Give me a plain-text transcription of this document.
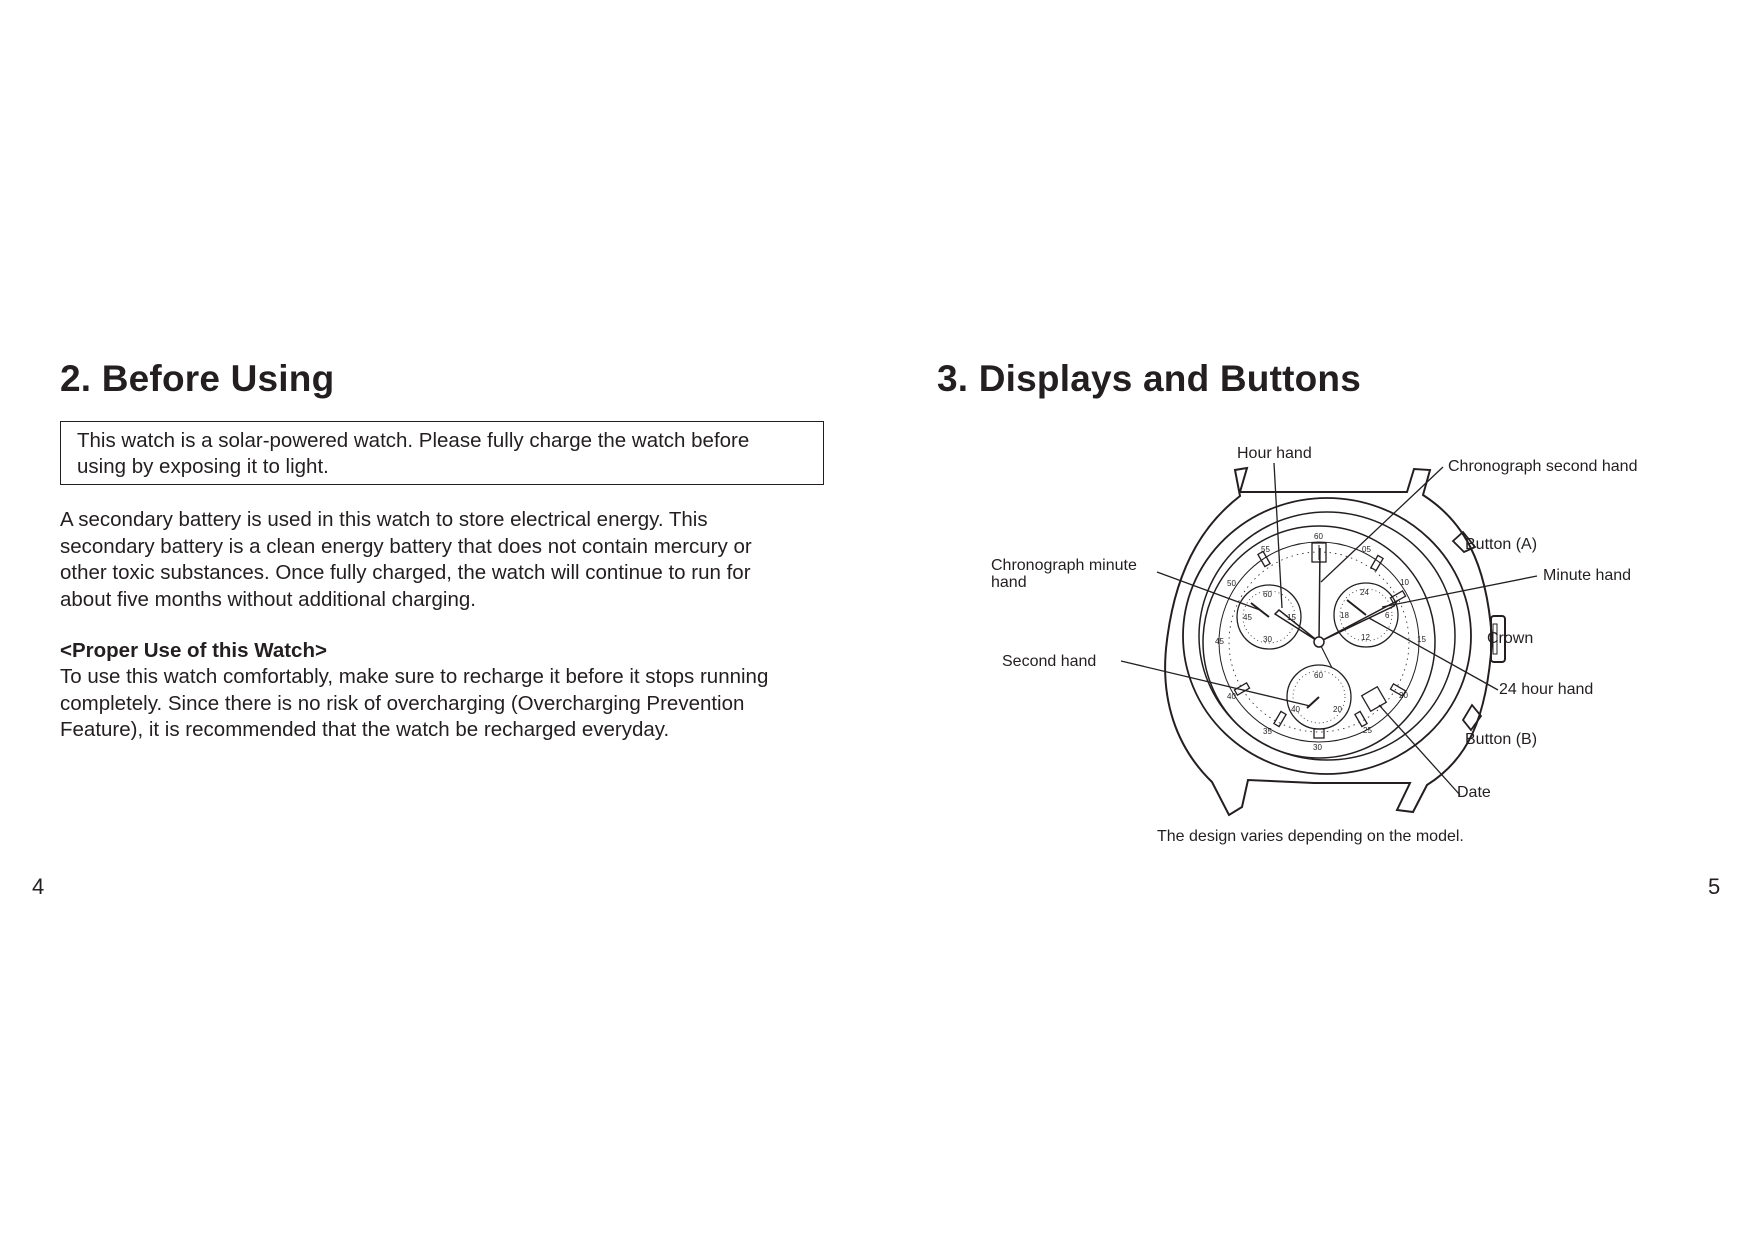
2. Before Using
This watch is a solar-powered watch. Please fully charge the watch before
using by exposing it to light.
A secondary battery is used in this watch to store electrical energy. This
secondary battery is a clean energy battery that does not contain mercury or
other toxic substances. Once fully charged, the watch will continue to run for
about five months without additional charging.
<Proper Use of this Watch>
To use this watch comfortably, make sure to recharge it before it stops running
completely. Since there is no risk of overcharging (Overcharging Prevention
Feature), it is recommended that the watch be recharged everyday.
4
3. Displays and Buttons
60
05
10
15
20
25
30
35
40
45
50
55
60
15
30
45
24
6
12
18
60
20
40
Hour hand
Chronograph second hand
Button (A)
Minute hand
Chronograph minute
hand
Crown
Second hand
24 hour hand
Button (B)
Date
The design varies depending on the model.
5
